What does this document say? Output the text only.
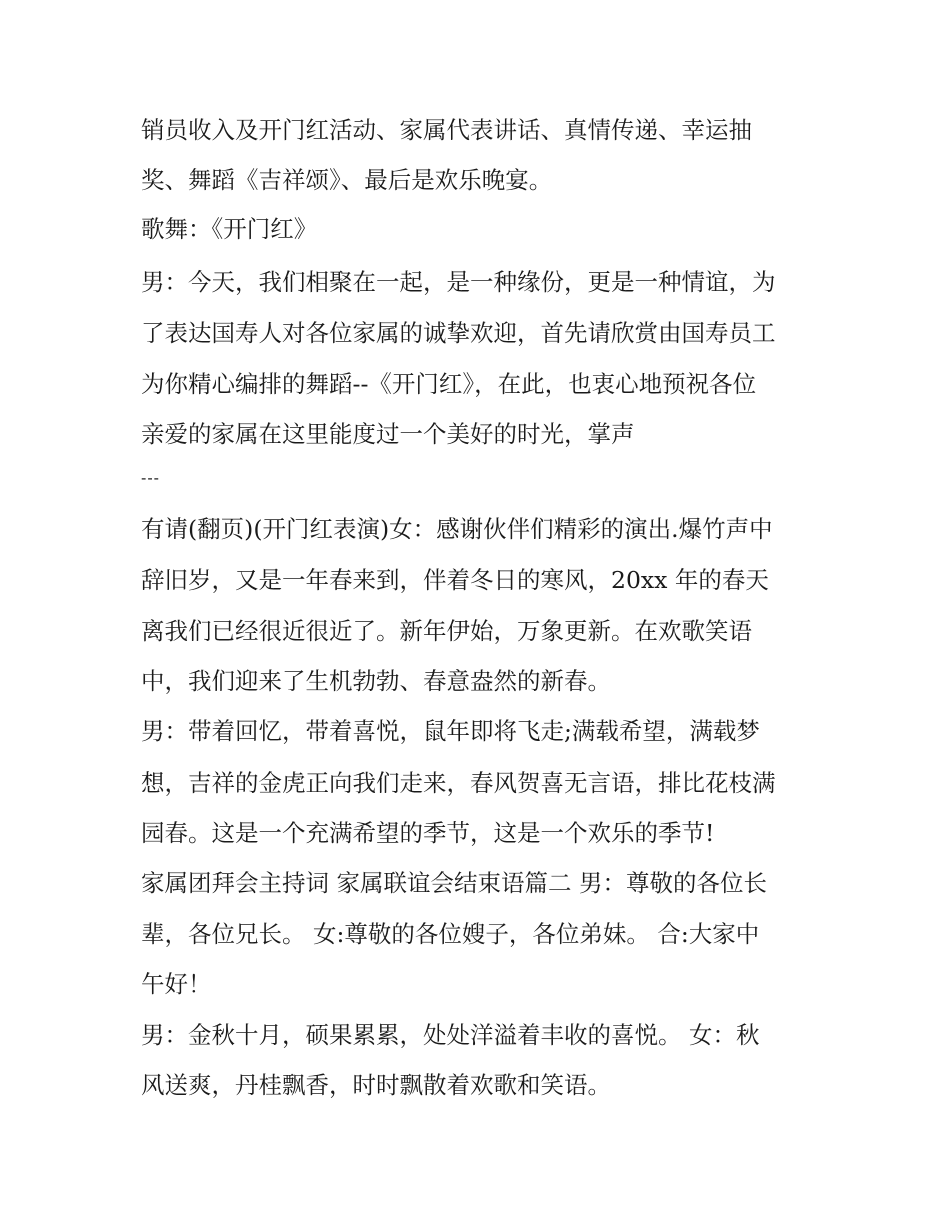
销员收入及开门红活动、家属代表讲话、真情传递、幸运抽

奖、舞蹈《吉祥颂》、最后是欢乐晚宴。

歌舞：《开门红》

男：今天，我们相聚在一起，是一种缘份，更是一种情谊，为

了表达国寿人对各位家属的诚挚欢迎，首先请欣赏由国寿员工

为你精心编排的舞蹈--《开门红》，在此，也衷心地预祝各位

亲爱的家属在这里能度过一个美好的时光，掌声

---

有请(翻页)(开门红表演)女：感谢伙伴们精彩的演出.爆竹声中

辞旧岁，又是一年春来到，伴着冬日的寒风，20xx 年的春天

离我们已经很近很近了。新年伊始，万象更新。在欢歌笑语

中，我们迎来了生机勃勃、春意盎然的新春。

男：带着回忆，带着喜悦，鼠年即将飞走;满载希望，满载梦

想，吉祥的金虎正向我们走来，春风贺喜无言语，排比花枝满

园春。这是一个充满希望的季节，这是一个欢乐的季节!

家属团拜会主持词 家属联谊会结束语篇二 男：尊敬的各位长

辈，各位兄长。 女:尊敬的各位嫂子，各位弟妹。 合:大家中

午好！

男：金秋十月，硕果累累，处处洋溢着丰收的喜悦。 女：秋

风送爽，丹桂飘香，时时飘散着欢歌和笑语。
